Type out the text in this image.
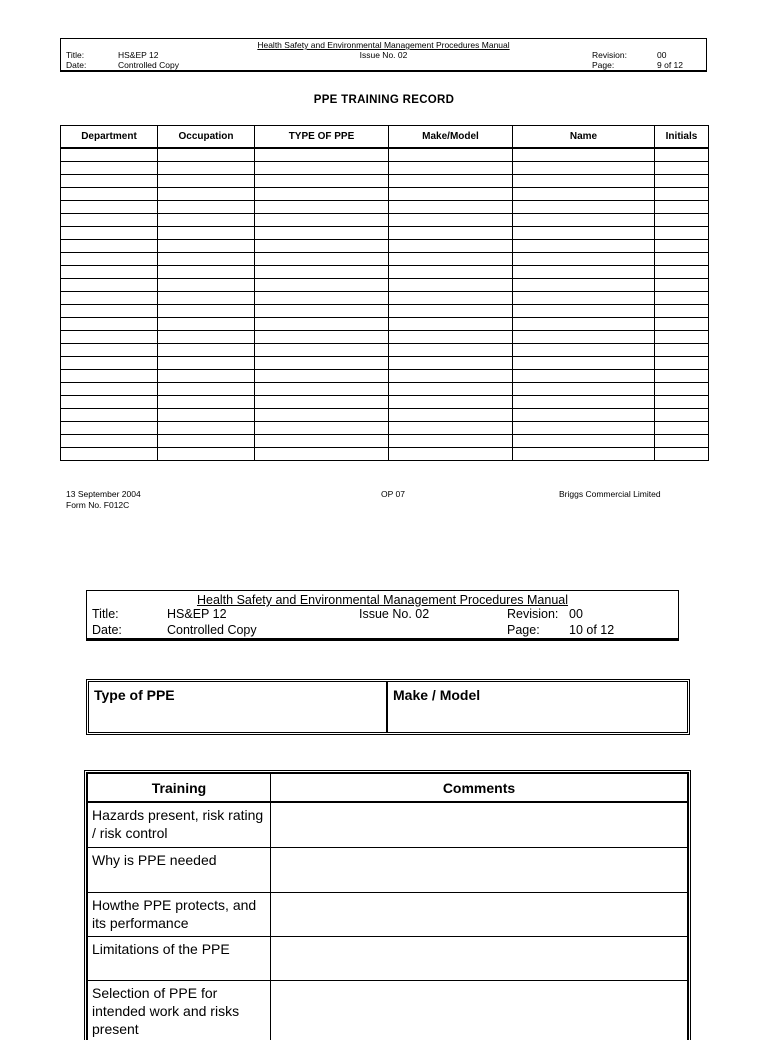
Health Safety and Environmental Management Procedures Manual
Issue No. 02
Title:	HS&EP 12
Date:	Controlled Copy
Revision:	00
Page:	9 of 12
PPE TRAINING RECORD
Department	Occupation	TYPE OF PPE	Make/Model	Name	Initials

13 September 2004
Form No. F012C
OP 07	Briggs Commercial Limited
Health Safety and Environmental Management Procedures Manual
Issue No. 02
Title:	HS&EP 12
Date:	Controlled Copy
Revision: 00
Page: 10 of 12
Type of PPE	Make / Model
Training	Comments
Hazards present, risk rating / risk control	
Why is PPE needed	
Howthe PPE protects, and its performance	
Limitations of the PPE	
Selection of PPE for intended work and risks present	
